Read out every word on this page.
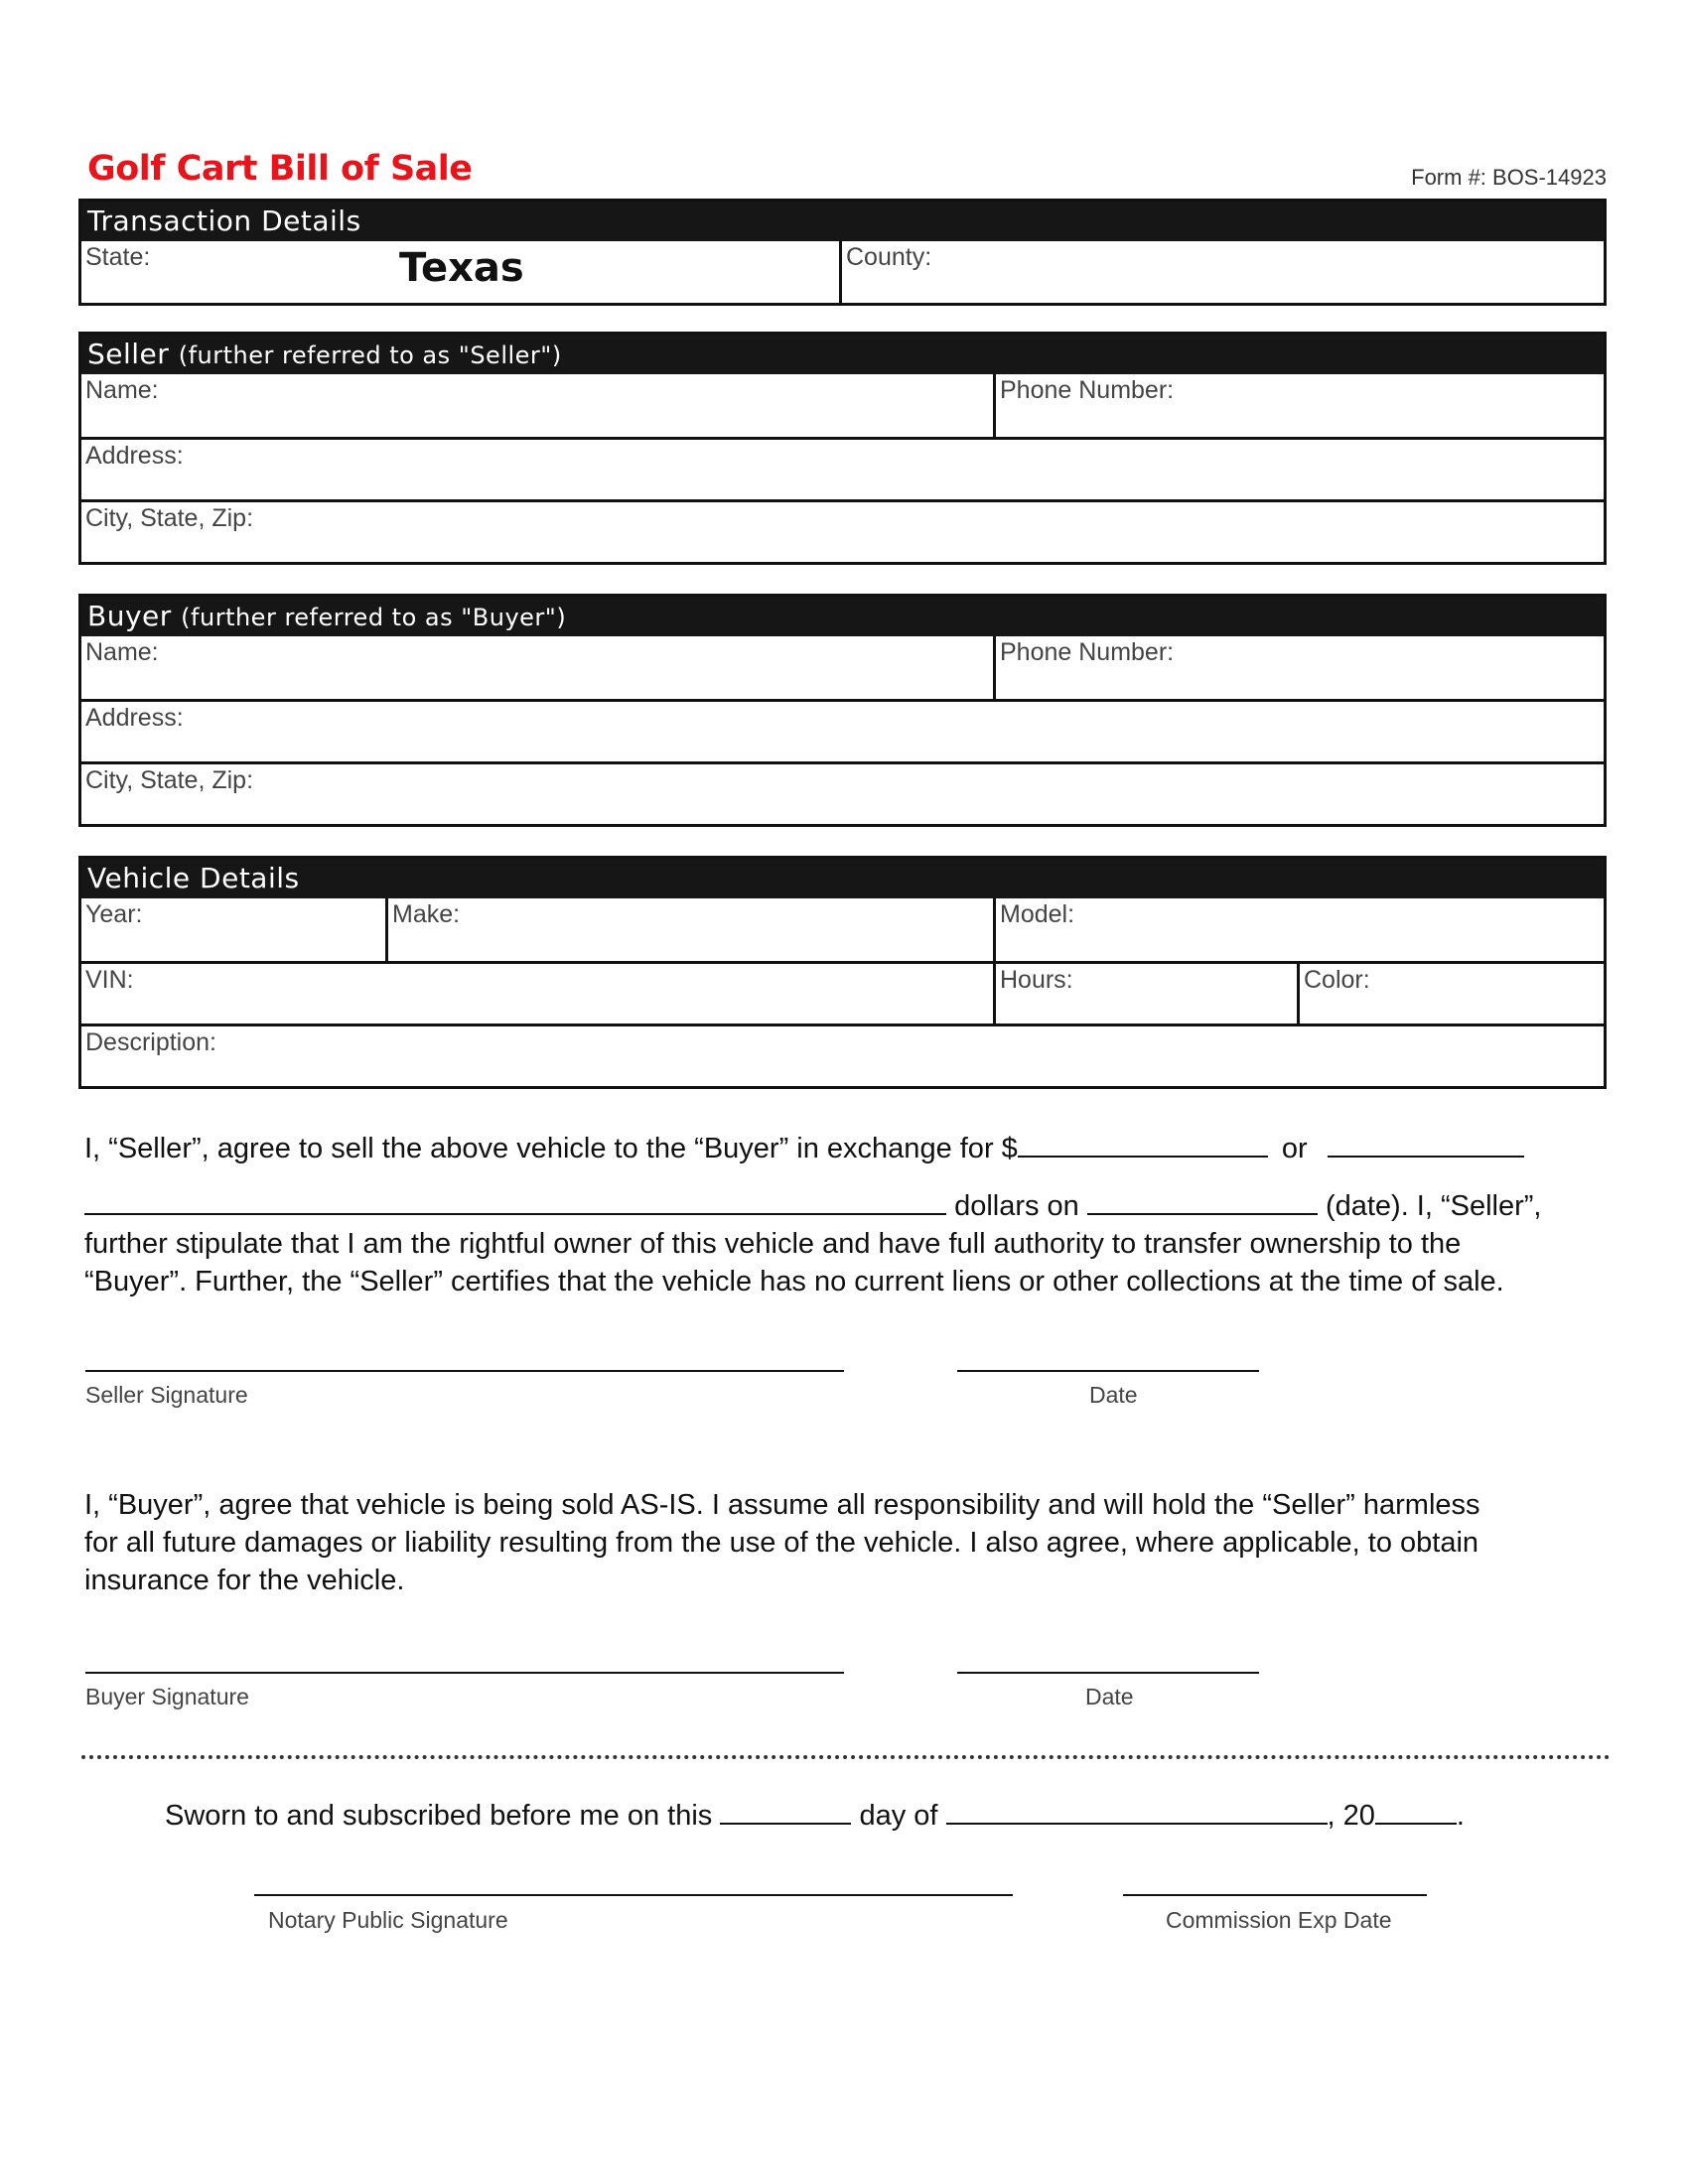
Golf Cart Bill of Sale	Form #: BOS-14923
Transaction Details
State:	Texas	County:
Seller (further referred to as "Seller")
Name:	Phone Number:
Address:
City, State, Zip:
Buyer (further referred to as "Buyer")
Name:	Phone Number:
Address:
City, State, Zip:
Vehicle Details
Year:	Make:	Model:
VIN:	Hours:	Color:
Description:
I, “Seller”, agree to sell the above vehicle to the “Buyer” in exchange for $	or
dollars on	(date). I, “Seller”,
further stipulate that I am the rightful owner of this vehicle and have full authority to transfer ownership to the
“Buyer”. Further, the “Seller” certifies that the vehicle has no current liens or other collections at the time of sale.
Seller Signature	Date
I, “Buyer”, agree that vehicle is being sold AS-IS. I assume all responsibility and will hold the “Seller” harmless
for all future damages or liability resulting from the use of the vehicle. I also agree, where applicable, to obtain
insurance for the vehicle.
Buyer Signature	Date
Sworn to and subscribed before me on this	day of	, 20	.
Notary Public Signature	Commission Exp Date
